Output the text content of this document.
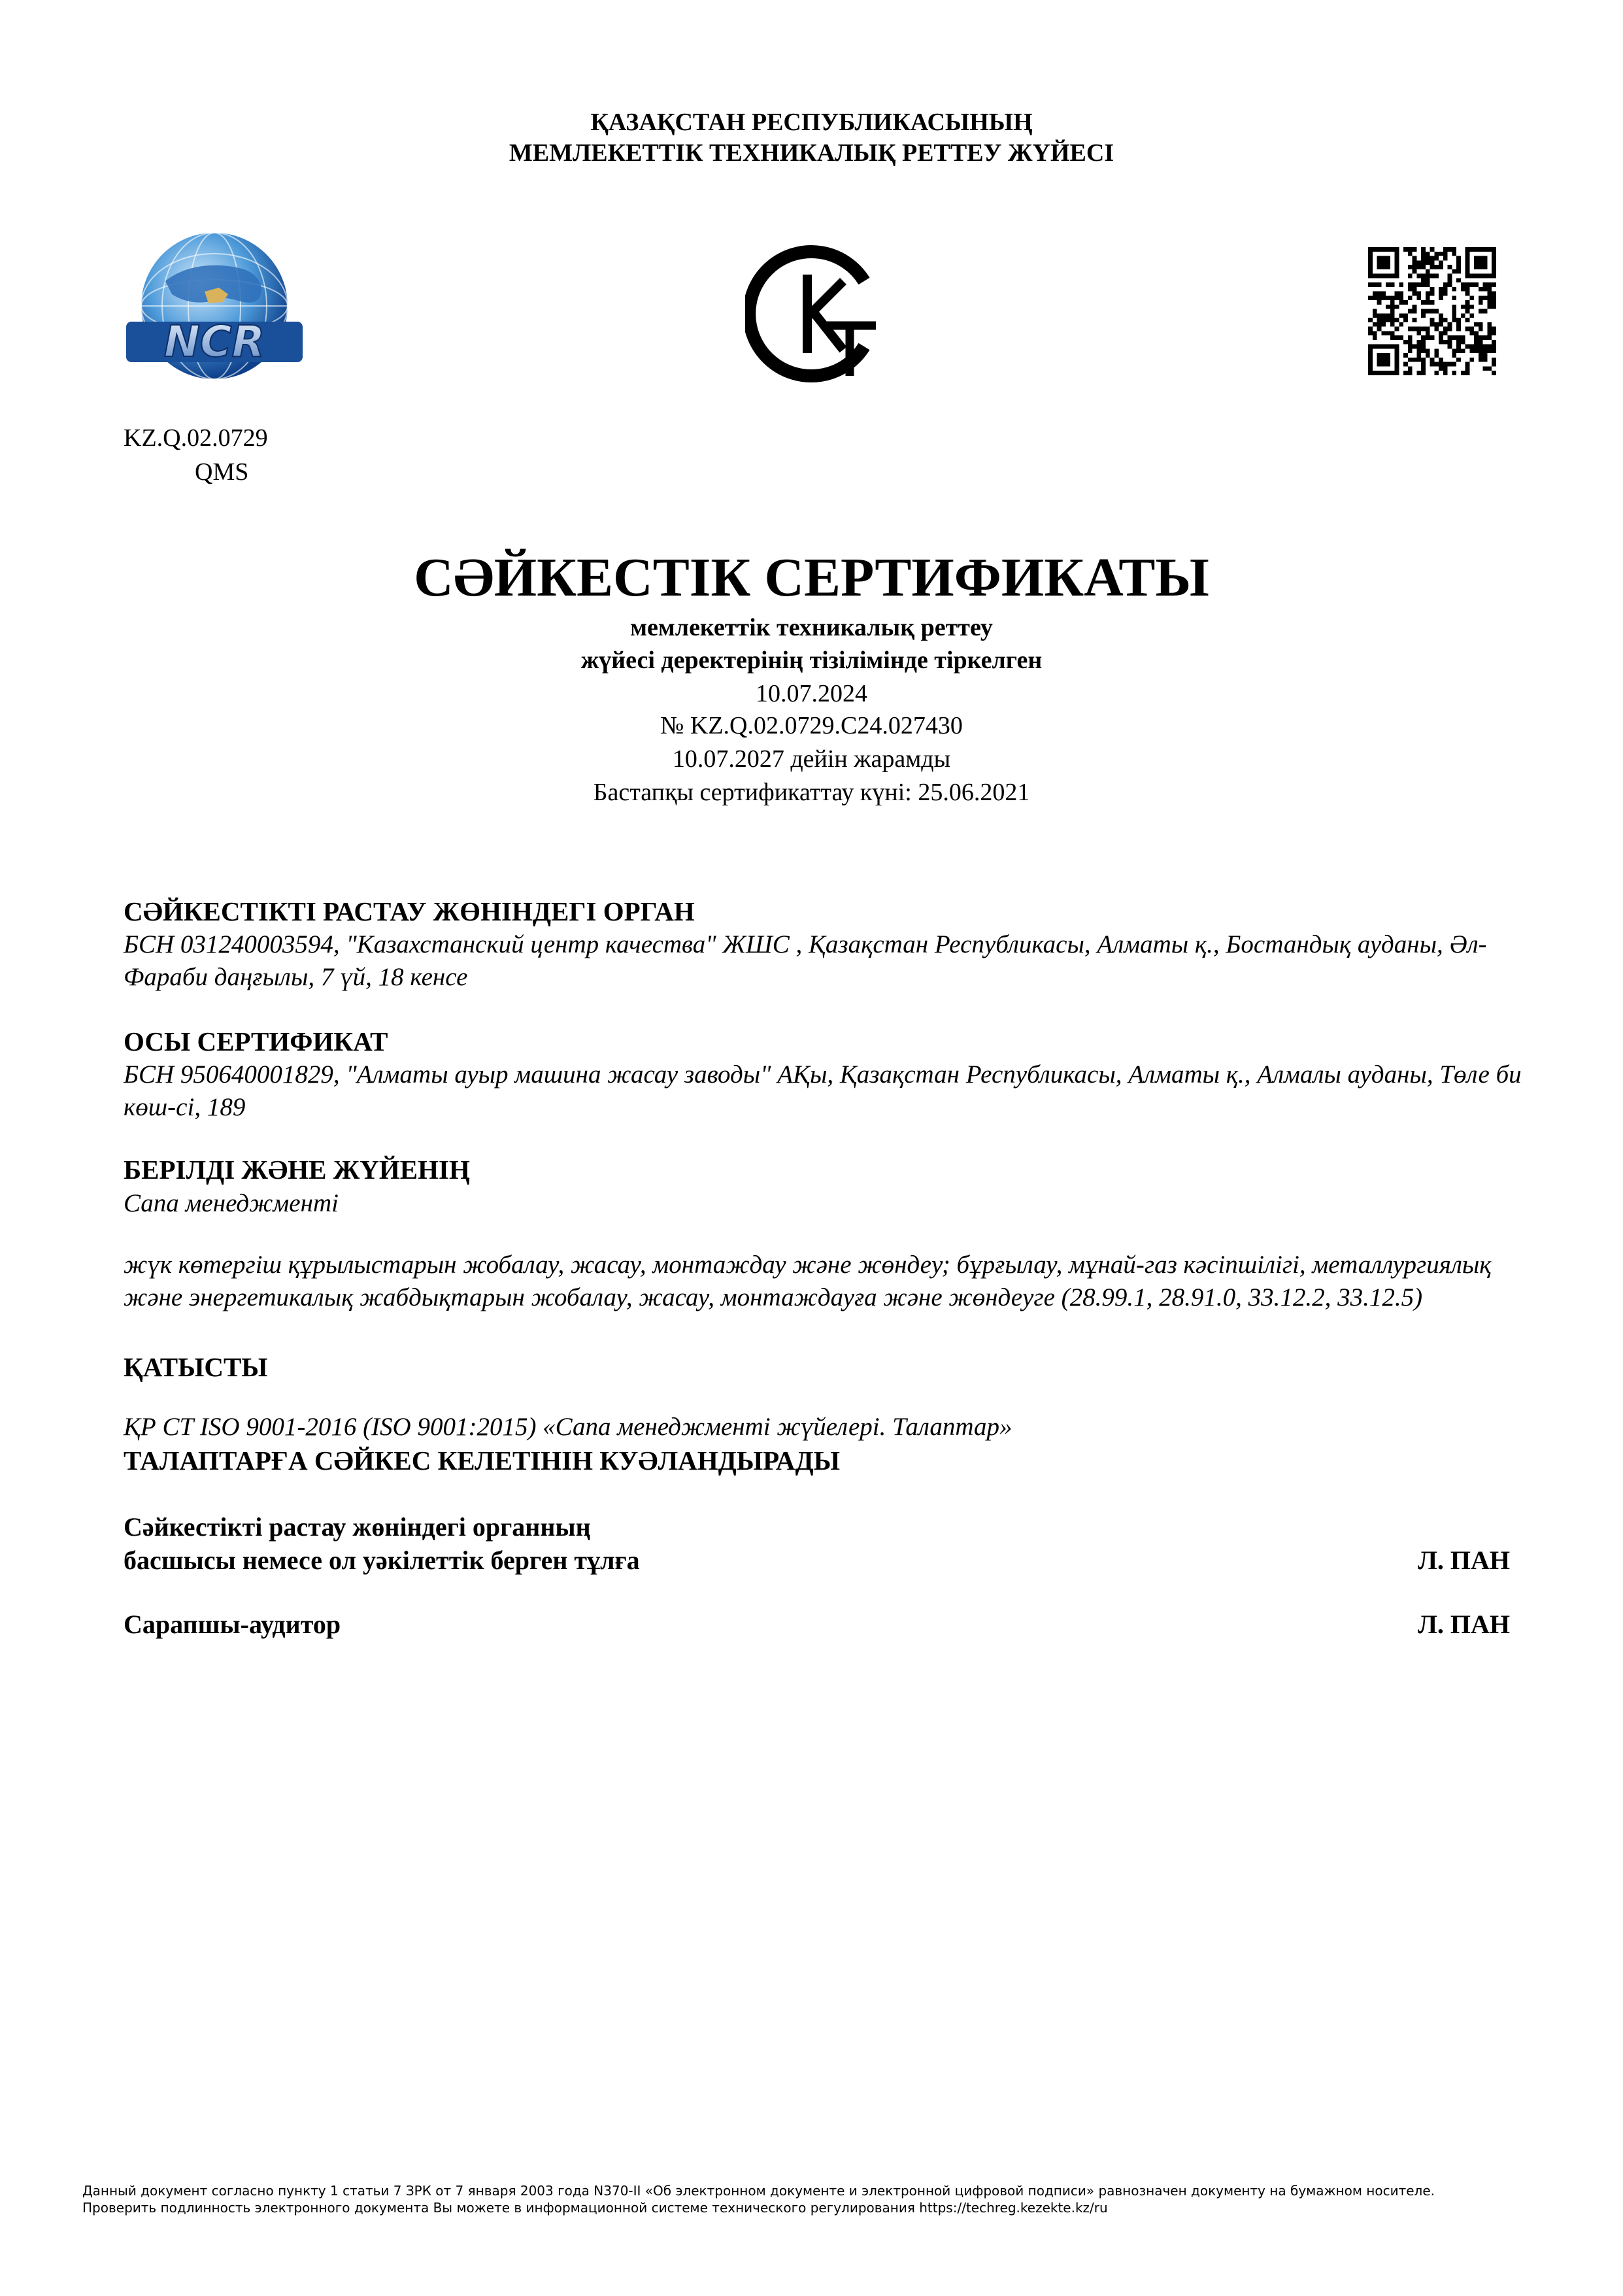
ҚАЗАҚСТАН РЕСПУБЛИКАСЫНЫҢ
МЕМЛЕКЕТТІК ТЕХНИКАЛЫҚ РЕТТЕУ ЖҮЙЕСІ
NCR
KZ.Q.02.0729
QMS
СӘЙКЕСТІК СЕРТИФИКАТЫ
мемлекеттік техникалық реттеу
жүйесі деректерінің тізілімінде тіркелген
10.07.2024
№ KZ.Q.02.0729.C24.027430
10.07.2027 дейін жарамды
Бастапқы сертификаттау күні: 25.06.2021
СӘЙКЕСТІКТІ РАСТАУ ЖӨНІНДЕГІ ОРГАН
БСН 031240003594, "Казахстанский центр качества" ЖШС , Қазақстан Республикасы, Алматы қ., Бостандық ауданы, Әл-Фараби даңғылы, 7 үй, 18 кенсе
ОСЫ СЕРТИФИКАТ
БСН 950640001829, "Алматы ауыр машина жасау заводы" АҚы, Қазақстан Республикасы, Алматы қ., Алмалы ауданы, Төле би көш-сі, 189
БЕРІЛДІ ЖӘНЕ ЖҮЙЕНІҢ
Сапа менеджменті
жүк көтергіш құрылыстарын жобалау, жасау, монтаждау және жөндеу; бұрғылау, мұнай-газ кәсіпшілігі, металлургиялық және энергетикалық жабдықтарын жобалау, жасау, монтаждауға және жөндеуге (28.99.1, 28.91.0, 33.12.2, 33.12.5)
ҚАТЫСТЫ
ҚР СТ ISO 9001-2016 (ISO 9001:2015) «Сапа менеджменті жүйелері. Талаптар»
ТАЛАПТАРҒА СӘЙКЕС КЕЛЕТІНІН КУӘЛАНДЫРАДЫ
Сәйкестікті растау жөніндегі органның
басшысы немесе ол уәкілеттік берген тұлға	Л. ПАН
Сарапшы-аудитор	Л. ПАН
Данный документ согласно пункту 1 статьи 7 ЗРК от 7 января 2003 года N370-II «Об электронном документе и электронной цифровой подписи» равнозначен документу на бумажном носителе.
Проверить подлинность электронного документа Вы можете в информационной системе технического регулирования https://techreg.kezekte.kz/ru
